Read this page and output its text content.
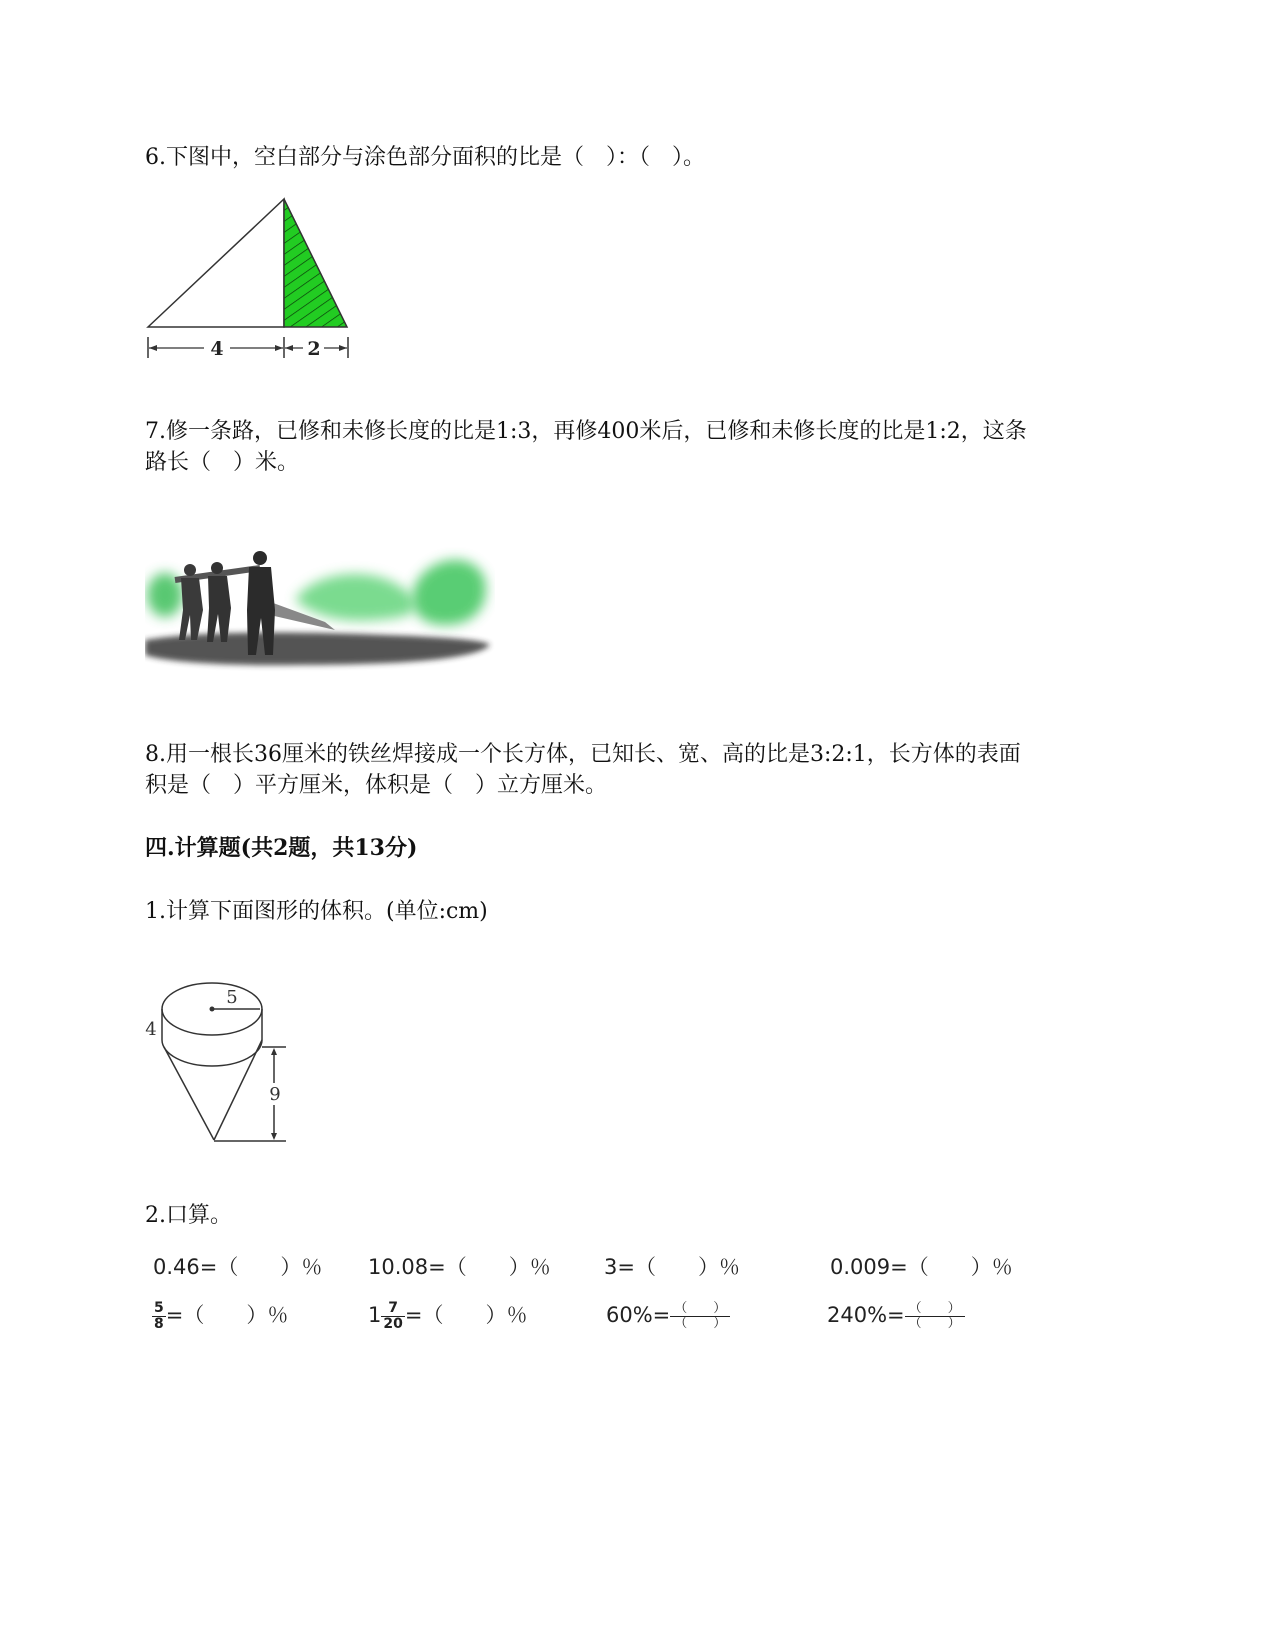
6.下图中，空白部分与涂色部分面积的比是（　）：（　）。
4	2
7.修一条路，已修和未修长度的比是1:3，再修400米后，已修和未修长度的比是1:2，这条
路长（　）米。
8.用一根长36厘米的铁丝焊接成一个长方体，已知长、宽、高的比是3:2:1，长方体的表面
积是（　）平方厘米，体积是（　）立方厘米。
四.计算题(共2题，共13分)
1.计算下面图形的体积。(单位:cm)
5
4
9
2.口算。
0.46=（　　）％ 10.08=（　　）％	3=（　　）％	0.009=（　　）％
$\frac{5}{8}$ =（　　）％	$1 \frac{7}{20}$ =（　　）％	$60\%= \frac{( )}{( )}$	$240\%= \frac{( )}{( )}$
